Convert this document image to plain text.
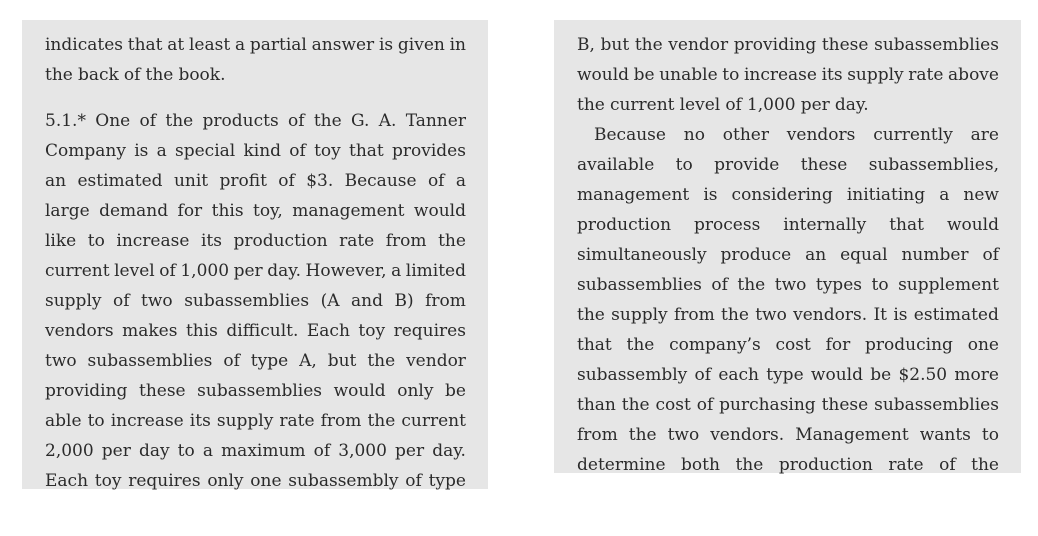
indicates that at least a partial answer is given in
the back of the book.
5.1.* One of the products of the G. A. Tanner
Company is a special kind of toy that provides
an estimated unit profit of $3. Because of a
large demand for this toy, management would
like to increase its production rate from the
current level of 1,000 per day. However, a limited
supply of two subassemblies (A and B) from
vendors makes this difficult. Each toy requires
two subassemblies of type A, but the vendor
providing these subassemblies would only be
able to increase its supply rate from the current
2,000 per day to a maximum of 3,000 per day.
Each toy requires only one subassembly of type
B, but the vendor providing these subassemblies
would be unable to increase its supply rate above
the current level of 1,000 per day.
Because no other vendors currently are
available to provide these subassemblies,
management is considering initiating a new
production process internally that would
simultaneously produce an equal number of
subassemblies of the two types to supplement
the supply from the two vendors. It is estimated
that the company’s cost for producing one
subassembly of each type would be $2.50 more
than the cost of purchasing these subassemblies
from the two vendors. Management wants to
determine both the production rate of the
